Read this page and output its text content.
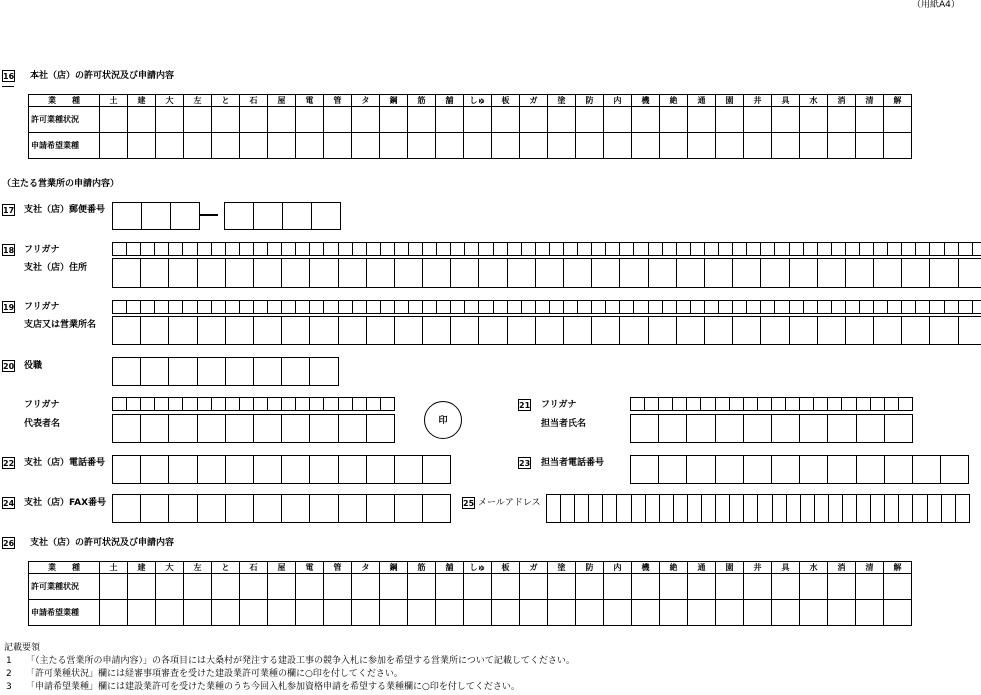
（用紙A4）
16 本社（店）の許可状況及び申請内容
業　　種	土	建	大	左	と	石	屋	電	管	タ	鋼	筋	舗	しゅ	板	ガ	塗	防	内	機	絶	通	園	井	具	水	消	清	解
許可業種状況																													
申請希望業種																													
（主たる営業所の申請内容）
17 支社（店）郵便番号
18 フリガナ
支社（店）住所
19 フリガナ
支店又は営業所名
20 役職
フリガナ
代表者名	印
21 フリガナ
担当者氏名
22 支社（店）電話番号	23 担当者電話番号
24 支社（店）FAX番号	25 メールアドレス
26 支社（店）の許可状況及び申請内容
業　　種	土	建	大	左	と	石	屋	電	管	タ	鋼	筋	舗	しゅ	板	ガ	塗	防	内	機	絶	通	園	井	具	水	消	清	解
許可業種状況																													
申請希望業種																													
記載要領
1 「（主たる営業所の申請内容）」の各項目には大桑村が発注する建設工事の競争入札に参加を希望する営業所について記載してください。
2 「許可業種状況」欄には経審事項審査を受けた建設業許可業種の欄に○印を付してください。
3 「申請希望業種」欄には建設業許可を受けた業種のうち今回入札参加資格申請を希望する業種欄に○印を付してください。
